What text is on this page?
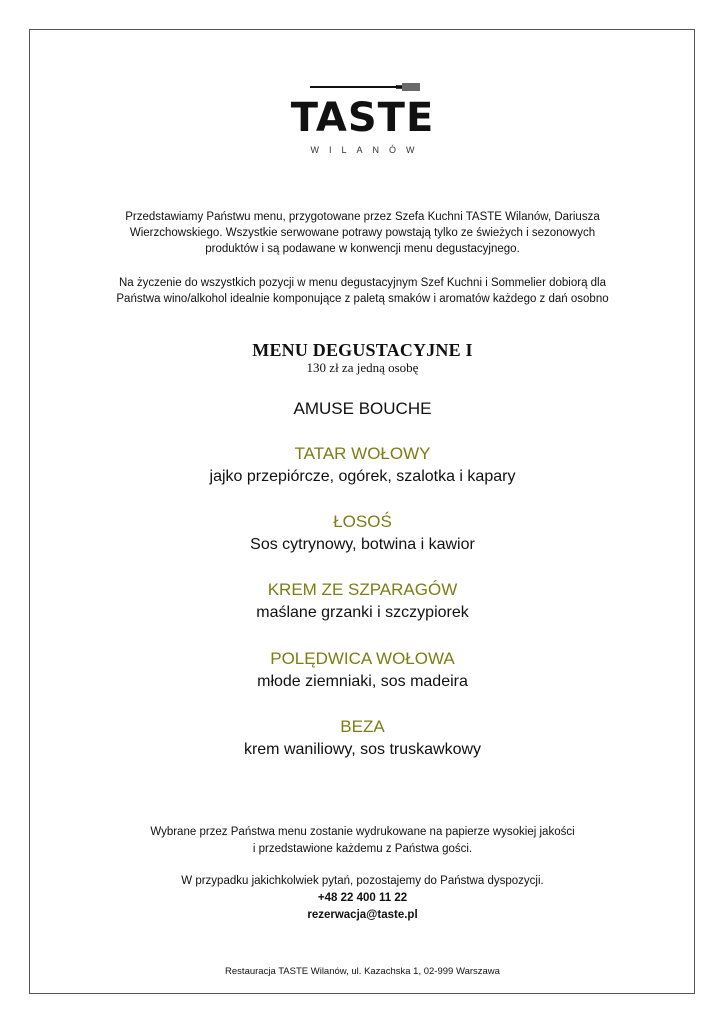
TASTE
WILANÓW
Przedstawiamy Państwu menu, przygotowane przez Szefa Kuchni TASTE Wilanów, Dariusza
Wierzchowskiego. Wszystkie serwowane potrawy powstają tylko ze świeżych i sezonowych
produktów i są podawane w konwencji menu degustacyjnego.
Na życzenie do wszystkich pozycji w menu degustacyjnym Szef Kuchni i Sommelier dobiorą dla
Państwa wino/alkohol idealnie komponujące z paletą smaków i aromatów każdego z dań osobno
MENU DEGUSTACYJNE I
130 zł za jedną osobę
AMUSE BOUCHE
TATAR WOŁOWY
jajko przepiórcze, ogórek, szalotka i kapary
ŁOSOŚ
Sos cytrynowy, botwina i kawior
KREM ZE SZPARAGÓW
maślane grzanki i szczypiorek
POLĘDWICA WOŁOWA
młode ziemniaki, sos madeira
BEZA
krem waniliowy, sos truskawkowy
Wybrane przez Państwa menu zostanie wydrukowane na papierze wysokiej jakości
i przedstawione każdemu z Państwa gości.
W przypadku jakichkolwiek pytań, pozostajemy do Państwa dyspozycji.
+48 22 400 11 22
rezerwacja@taste.pl
Restauracja TASTE Wilanów, ul. Kazachska 1, 02-999 Warszawa
